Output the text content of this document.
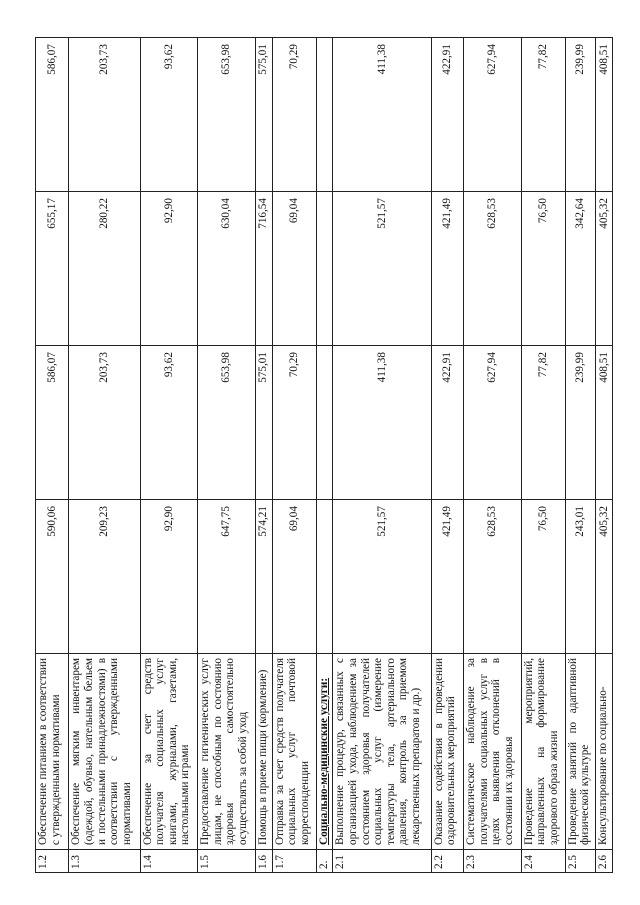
1.2	Обеспечение питанием в соответствии с утвержденными нормативами	590,06	586,07	655,17	586,07
1.3	Обеспечение мягким инвентарем (одеждой, обувью, нательным бельем и постельными принадлежностями) в соответствии с утвержденными нормативами	209,23	203,73	280,22	203,73
1.4	Обеспечение за счет средств получателя социальных услуг книгами, журналами, газетами, настольными играми	92,90	93,62	92,90	93,62
1.5	Предоставление гигиенических услуг лицам, не способным по состоянию здоровья самостоятельно осуществлять за собой уход	647,75	653,98	630,04	653,98
1.6	Помощь в приеме пищи (кормление)	574,21	575,01	716,54	575,01
1.7	Отправка за счет средств получателя социальных услуг почтовой корреспонденции	69,04	70,29	69,04	70,29
2.	Социально-медицинские услуги:				
2.1	Выполнение процедур, связанных с организацией ухода, наблюдением за состоянием здоровья получателей социальных услуг (измерение температуры тела, артериального давления, контроль за приемом лекарственных препаратов и др.)	521,57	411,38	521,57	411,38
2.2	Оказание содействия в проведении оздоровительных мероприятий	421,49	422,91	421,49	422,91
2.3	Систематическое наблюдение за получателями социальных услуг в целях выявления отклонений в состоянии их здоровья	628,53	627,94	628,53	627,94
2.4	Проведение мероприятий, направленных на формирование здорового образа жизни	76,50	77,82	76,50	77,82
2.5	Проведение занятий по адаптивной физической культуре	243,01	239,99	342,64	239,99
2.6	Консультирование по социально-	405,32	408,51	405,32	408,51
